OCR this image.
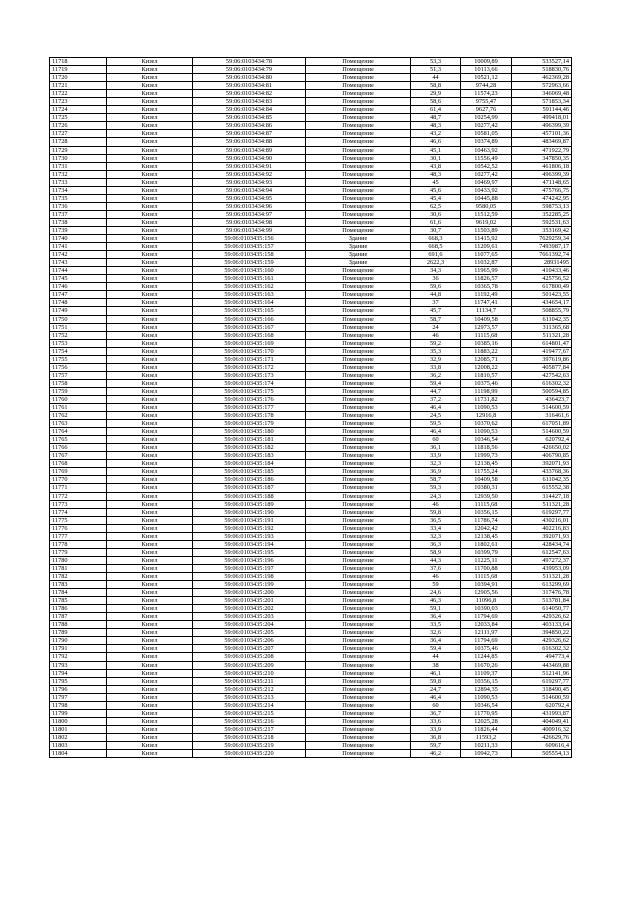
11718	Кизел	59:06:0103434:78	Помещение	53,3	10009,89	533527,14
11719	Кизел	59:06:0103434:79	Помещение	51,3	10113,66	518830,76
11720	Кизел	59:06:0103434:80	Помещение	44	10521,12	462369,28
11721	Кизел	59:06:0103434:81	Помещение	58,8	9744,28	572963,66
11722	Кизел	59:06:0103434:82	Помещение	29,9	11574,23	346069,48
11723	Кизел	59:06:0103434:83	Помещение	58,6	9755,47	571853,34
11724	Кизел	59:06:0103434:84	Помещение	61,4	9627,76	591144,46
11725	Кизел	59:06:0103434:85	Помещение	48,7	10254,99	499418,01
11726	Кизел	59:06:0103434:86	Помещение	48,3	10277,42	496399,39
11727	Кизел	59:06:0103434:87	Помещение	43,2	10581,05	457101,36
11728	Кизел	59:06:0103434:88	Помещение	46,6	10374,89	483469,87
11729	Кизел	59:06:0103434:89	Помещение	45,1	10463,92	471922,79
11730	Кизел	59:06:0103434:90	Помещение	30,1	11556,49	347850,35
11731	Кизел	59:06:0103434:91	Помещение	43,8	10542,52	461806,18
11732	Кизел	59:06:0103434:92	Помещение	48,3	10277,42	496399,39
11733	Кизел	59:06:0103434:93	Помещение	45	10469,97	471148,65
11734	Кизел	59:06:0103434:94	Помещение	45,6	10433,92	475766,75
11735	Кизел	59:06:0103434:95	Помещение	45,4	10445,88	474242,95
11736	Кизел	59:06:0103434:96	Помещение	62,5	9580,05	598753,13
11737	Кизел	59:06:0103434:97	Помещение	30,6	11512,59	352285,25
11738	Кизел	59:06:0103434:98	Помещение	61,6	9619,02	592531,63
11739	Кизел	59:06:0103434:99	Помещение	30,7	11503,89	353169,42
11740	Кизел	59:06:0103435:156	Здание	668,3	11415,92	7629259,34
11741	Кизел	59:06:0103435:157	Здание	668,5	11209,61	7493987,17
11742	Кизел	59:06:0103435:158	Здание	691,6	11077,65	7661392,74
11743	Кизел	59:06:0103435:159	Здание	2622,3	11032,87	28931495
11744	Кизел	59:06:0103435:160	Помещение	34,3	11965,99	410433,46
11745	Кизел	59:06:0103435:161	Помещение	36	11826,57	425756,52
11746	Кизел	59:06:0103435:162	Помещение	59,6	10365,78	617800,49
11747	Кизел	59:06:0103435:163	Помещение	44,8	11192,49	501423,55
11748	Кизел	59:06:0103435:164	Помещение	37	11747,41	434654,17
11749	Кизел	59:06:0103435:165	Помещение	45,7	11134,7	508855,79
11750	Кизел	59:06:0103435:166	Помещение	58,7	10409,58	611042,35
11751	Кизел	59:06:0103435:167	Помещение	24	12973,57	311365,68
11752	Кизел	59:06:0103435:168	Помещение	46	11115,68	511321,28
11753	Кизел	59:06:0103435:169	Помещение	59,2	10385,16	614801,47
11754	Кизел	59:06:0103435:170	Помещение	35,3	11883,22	419477,67
11755	Кизел	59:06:0103435:171	Помещение	32,9	12085,71	397619,86
11756	Кизел	59:06:0103435:172	Помещение	33,8	12008,22	405877,84
11757	Кизел	59:06:0103435:173	Помещение	36,2	11810,57	427542,63
11758	Кизел	59:06:0103435:174	Помещение	59,4	10375,46	616302,32
11759	Кизел	59:06:0103435:175	Помещение	44,7	11198,99	500594,85
11760	Кизел	59:06:0103435:176	Помещение	37,2	11731,82	436423,7
11761	Кизел	59:06:0103435:177	Помещение	46,4	11090,53	514600,59
11762	Кизел	59:06:0103435:178	Помещение	24,5	12916,8	316461,6
11763	Кизел	59:06:0103435:179	Помещение	59,5	10370,62	617051,89
11764	Кизел	59:06:0103435:180	Помещение	46,4	11090,53	514600,59
11765	Кизел	59:06:0103435:181	Помещение	60	10346,54	620792,4
11766	Кизел	59:06:0103435:182	Помещение	36,1	11818,56	426650,02
11767	Кизел	59:06:0103435:183	Помещение	33,9	11999,73	406790,85
11768	Кизел	59:06:0103435:184	Помещение	32,3	12138,45	392071,93
11769	Кизел	59:06:0103435:185	Помещение	36,9	11755,24	433768,36
11770	Кизел	59:06:0103435:186	Помещение	58,7	10409,58	611042,35
11771	Кизел	59:06:0103435:187	Помещение	59,3	10380,31	615552,38
11772	Кизел	59:06:0103435:188	Помещение	24,3	12939,50	314427,18
11773	Кизел	59:06:0103435:189	Помещение	46	11115,68	511321,28
11774	Кизел	59:06:0103435:190	Помещение	59,8	10356,15	619297,77
11775	Кизел	59:06:0103435:191	Помещение	36,5	11786,74	430216,01
11776	Кизел	59:06:0103435:192	Помещение	33,4	12042,42	402216,83
11777	Кизел	59:06:0103435:193	Помещение	32,3	12138,45	392071,93
11778	Кизел	59:06:0103435:194	Помещение	36,3	11802,61	428434,74
11779	Кизел	59:06:0103435:195	Помещение	58,9	10399,79	612547,63
11780	Кизел	59:06:0103435:196	Помещение	44,3	11225,11	497272,37
11781	Кизел	59:06:0103435:197	Помещение	37,6	11700,88	439953,09
11782	Кизел	59:06:0103435:198	Помещение	46	11115,68	511321,28
11783	Кизел	59:06:0103435:199	Помещение	59	10394,91	613299,69
11784	Кизел	59:06:0103435:200	Помещение	24,6	12905,56	317476,78
11785	Кизел	59:06:0103435:201	Помещение	46,3	11096,8	513781,84
11786	Кизел	59:06:0103435:202	Помещение	59,1	10390,03	614050,77
11787	Кизел	59:06:0103435:203	Помещение	36,4	11794,69	429326,62
11788	Кизел	59:06:0103435:204	Помещение	33,5	12033,84	403133,64
11789	Кизел	59:06:0103435:205	Помещение	32,6	12111,97	394850,22
11790	Кизел	59:06:0103435:206	Помещение	36,4	11794,69	429326,62
11791	Кизел	59:06:0103435:207	Помещение	59,4	10375,46	616302,32
11792	Кизел	59:06:0103435:208	Помещение	44	11244,85	494773,4
11793	Кизел	59:06:0103435:209	Помещение	38	11670,26	443469,88
11794	Кизел	59:06:0103435:210	Помещение	46,1	11109,37	512141,96
11795	Кизел	59:06:0103435:211	Помещение	59,8	10356,15	619297,77
11796	Кизел	59:06:0103435:212	Помещение	24,7	12894,35	318490,45
11797	Кизел	59:06:0103435:213	Помещение	46,4	11090,53	514600,59
11798	Кизел	59:06:0103435:214	Помещение	60	10346,54	620792,4
11799	Кизел	59:06:0103435:215	Помещение	36,7	11770,95	431993,87
11800	Кизел	59:06:0103435:216	Помещение	33,6	12025,28	404049,41
11801	Кизел	59:06:0103435:217	Помещение	33,9	11826,44	400916,32
11802	Кизел	59:06:0103435:218	Помещение	36,8	11593,2	426629,76
11803	Кизел	59:06:0103435:219	Помещение	59,7	10211,33	609616,4
11804	Кизел	59:06:0103435:220	Помещение	46,2	10942,73	505554,13
